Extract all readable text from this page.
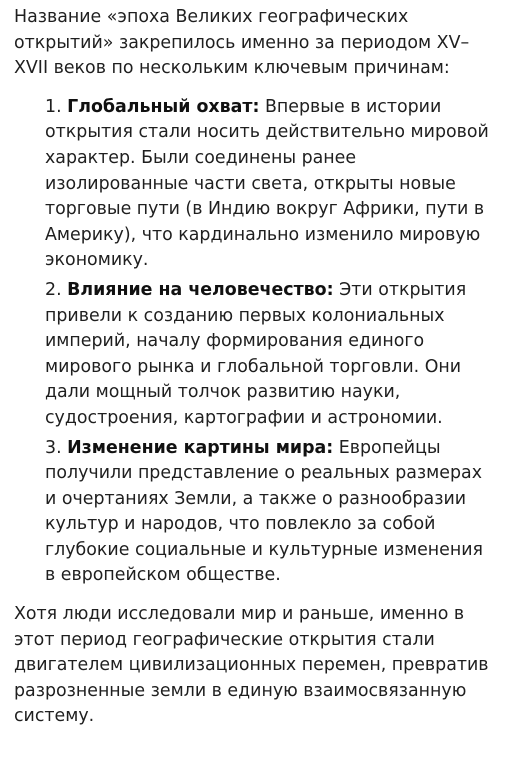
Название «эпоха Великих географических открытий» закрепилось именно за периодом XV–XVII веков по нескольким ключевым причинам:

1. Глобальный охват: Впервые в истории открытия стали носить действительно мировой характер. Были соединены ранее изолированные части света, открыты новые торговые пути (в Индию вокруг Африки, пути в Америку), что кардинально изменило мировую экономику.
2. Влияние на человечество: Эти открытия привели к созданию первых колониальных империй, началу формирования единого мирового рынка и глобальной торговли. Они дали мощный толчок развитию науки, судостроения, картографии и астрономии.
3. Изменение картины мира: Европейцы получили представление о реальных размерах и очертаниях Земли, а также о разнообразии культур и народов, что повлекло за собой глубокие социальные и культурные изменения в европейском обществе.

Хотя люди исследовали мир и раньше, именно в этот период географические открытия стали двигателем цивилизационных перемен, превратив разрозненные земли в единую взаимосвязанную систему.
